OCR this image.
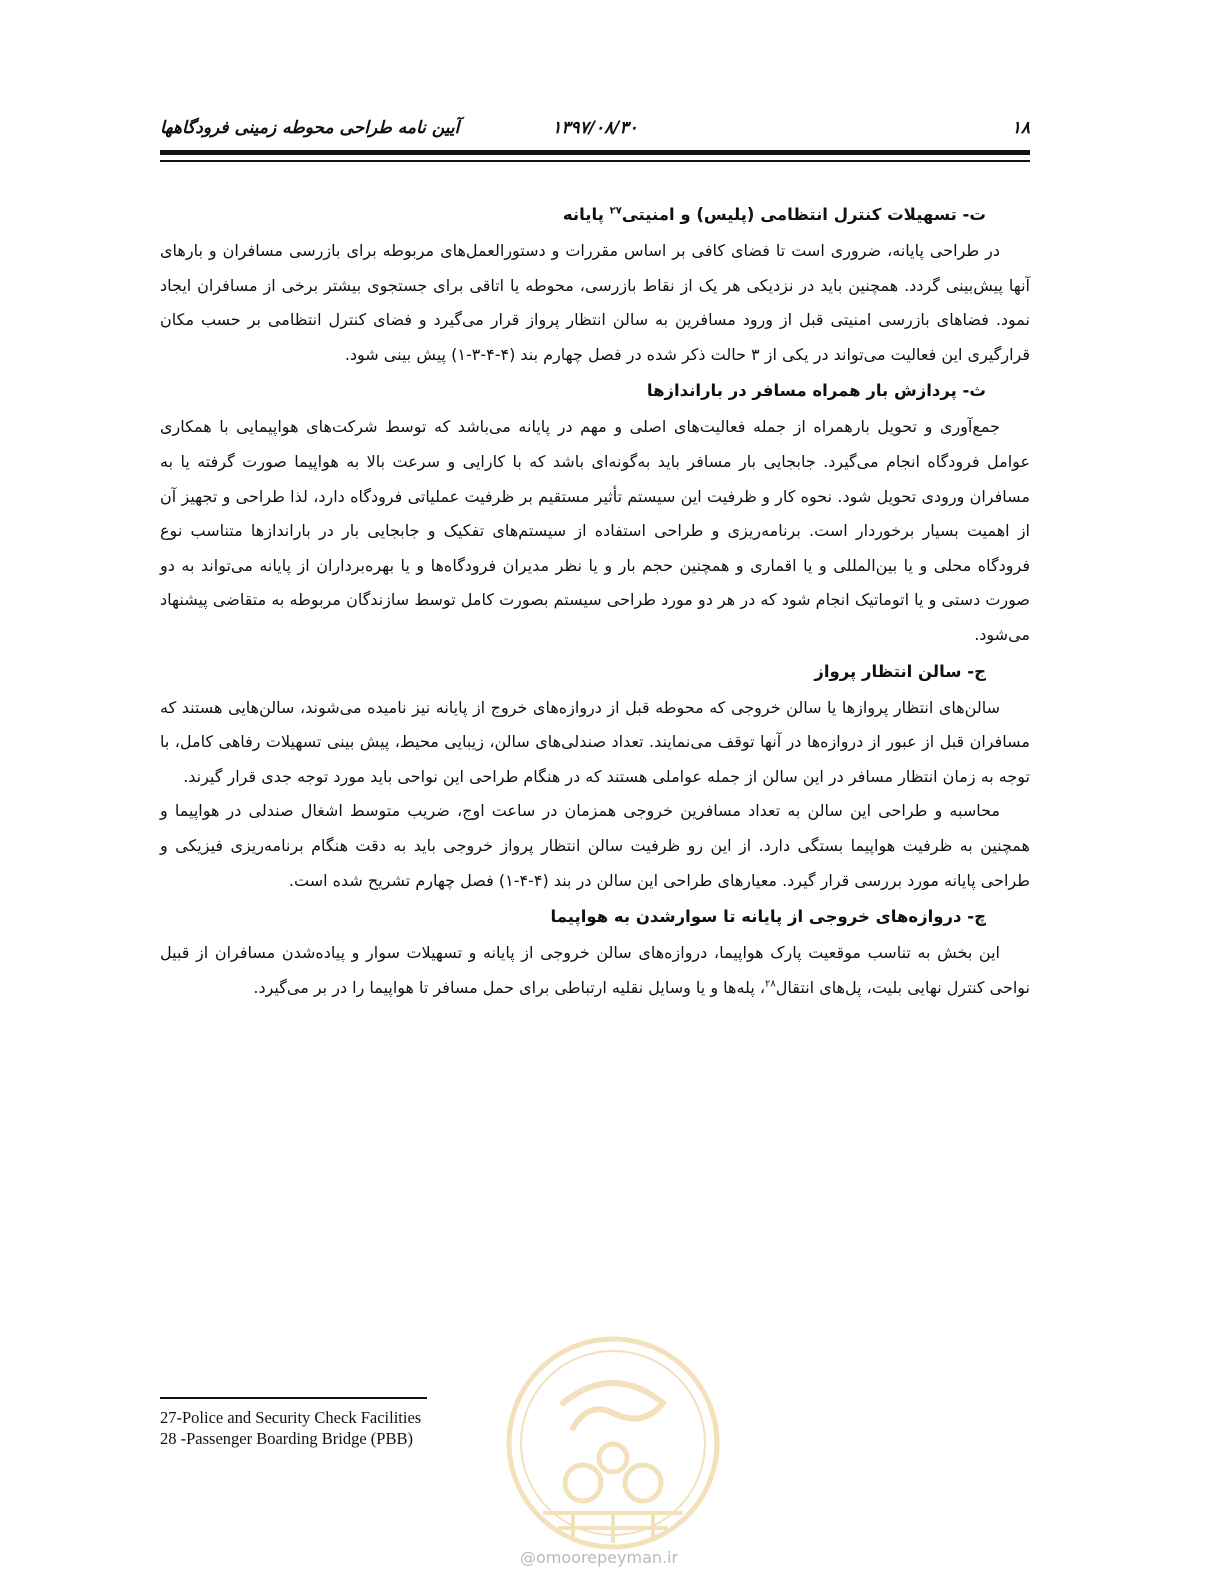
۱۸
۱۳۹۷/۰۸/۳۰
آیین نامه طراحی محوطه زمینی فرودگاهها
ت- تسهیلات کنترل انتظامی (پلیس) و امنیتی$^{۲۷}$ پایانه

در طراحی پایانه، ضروری است تا فضای کافی بر اساس مقررات و دستورالعمل‌های مربوطه برای بازرسی مسافران و بارهای آنها پیش‌بینی گردد. همچنین باید در نزدیکی هر یک از نقاط بازرسی، محوطه یا اتاقی برای جستجوی بیشتر برخی از مسافران ایجاد نمود. فضاهای بازرسی امنیتی قبل از ورود مسافرین به سالن انتظار پرواز قرار می‌گیرد و فضای کنترل انتظامی بر حسب مکان قرارگیری این فعالیت می‌تواند در یکی از ۳ حالت ذکر شده در فصل چهارم بند (۴-۴-۳-۱) پیش بینی شود.

ث- پردازش بار همراه مسافر در باراندازها

جمع‌آوری و تحویل بارهمراه از جمله فعالیت‌های اصلی و مهم در پایانه می‌باشد که توسط شرکت‌های هواپیمایی با همکاری عوامل فرودگاه انجام می‌گیرد. جابجایی بار مسافر باید به‌گونه‌ای باشد که با کارایی و سرعت بالا به هواپیما صورت گرفته یا به مسافران ورودی تحویل شود. نحوه کار و ظرفیت این سیستم تأثیر مستقیم بر ظرفیت عملیاتی فرودگاه دارد، لذا طراحی و تجهیز آن از اهمیت بسیار برخوردار است. برنامه‌ریزی و طراحی استفاده از سیستم‌های تفکیک و جابجایی بار در باراندازها متناسب نوع فرودگاه محلی و یا بین‌المللی و یا اقماری و همچنین حجم بار و یا نظر مدیران فرودگاه‌ها و یا بهره‌برداران از پایانه می‌تواند به دو صورت دستی و یا اتوماتیک انجام شود که در هر دو مورد طراحی سیستم بصورت کامل توسط سازندگان مربوطه به متقاضی پیشنهاد می‌شود.

ج- سالن انتظار پرواز

سالن‌های انتظار پروازها یا سالن خروجی که محوطه قبل از دروازه‌های خروج از پایانه نیز نامیده می‌شوند، سالن‌هایی هستند که مسافران قبل از عبور از دروازه‌ها در آنها توقف می‌نمایند. تعداد صندلی‌های سالن، زیبایی محیط، پیش بینی تسهیلات رفاهی کامل، با توجه به زمان انتظار مسافر در این سالن از جمله عواملی هستند که در هنگام طراحی این نواحی باید مورد توجه جدی قرار گیرند.

محاسبه و طراحی این سالن به تعداد مسافرین خروجی همزمان در ساعت اوج، ضریب متوسط اشغال صندلی در هواپیما و همچنین به ظرفیت هواپیما بستگی دارد. از این رو ظرفیت سالن انتظار پرواز خروجی باید به دقت هنگام برنامه‌ریزی فیزیکی و طراحی پایانه مورد بررسی قرار گیرد. معیارهای طراحی این سالن در بند (۴-۴-۱) فصل چهارم تشریح شده است.

چ- دروازه‌های خروجی از پایانه تا سوارشدن به هواپیما

این بخش به تناسب موقعیت پارک هواپیما، دروازه‌های سالن خروجی از پایانه و تسهیلات سوار و پیاده‌شدن مسافران از قبیل نواحی کنترل نهایی بلیت، پل‌های انتقال$^{۲۸}$، پله‌ها و یا وسایل نقلیه ارتباطی برای حمل مسافر تا هواپیما را در بر می‌گیرد.

27-Police and Security Check Facilities
28 -Passenger Boarding Bridge (PBB)
@omoorepeyman.ir
